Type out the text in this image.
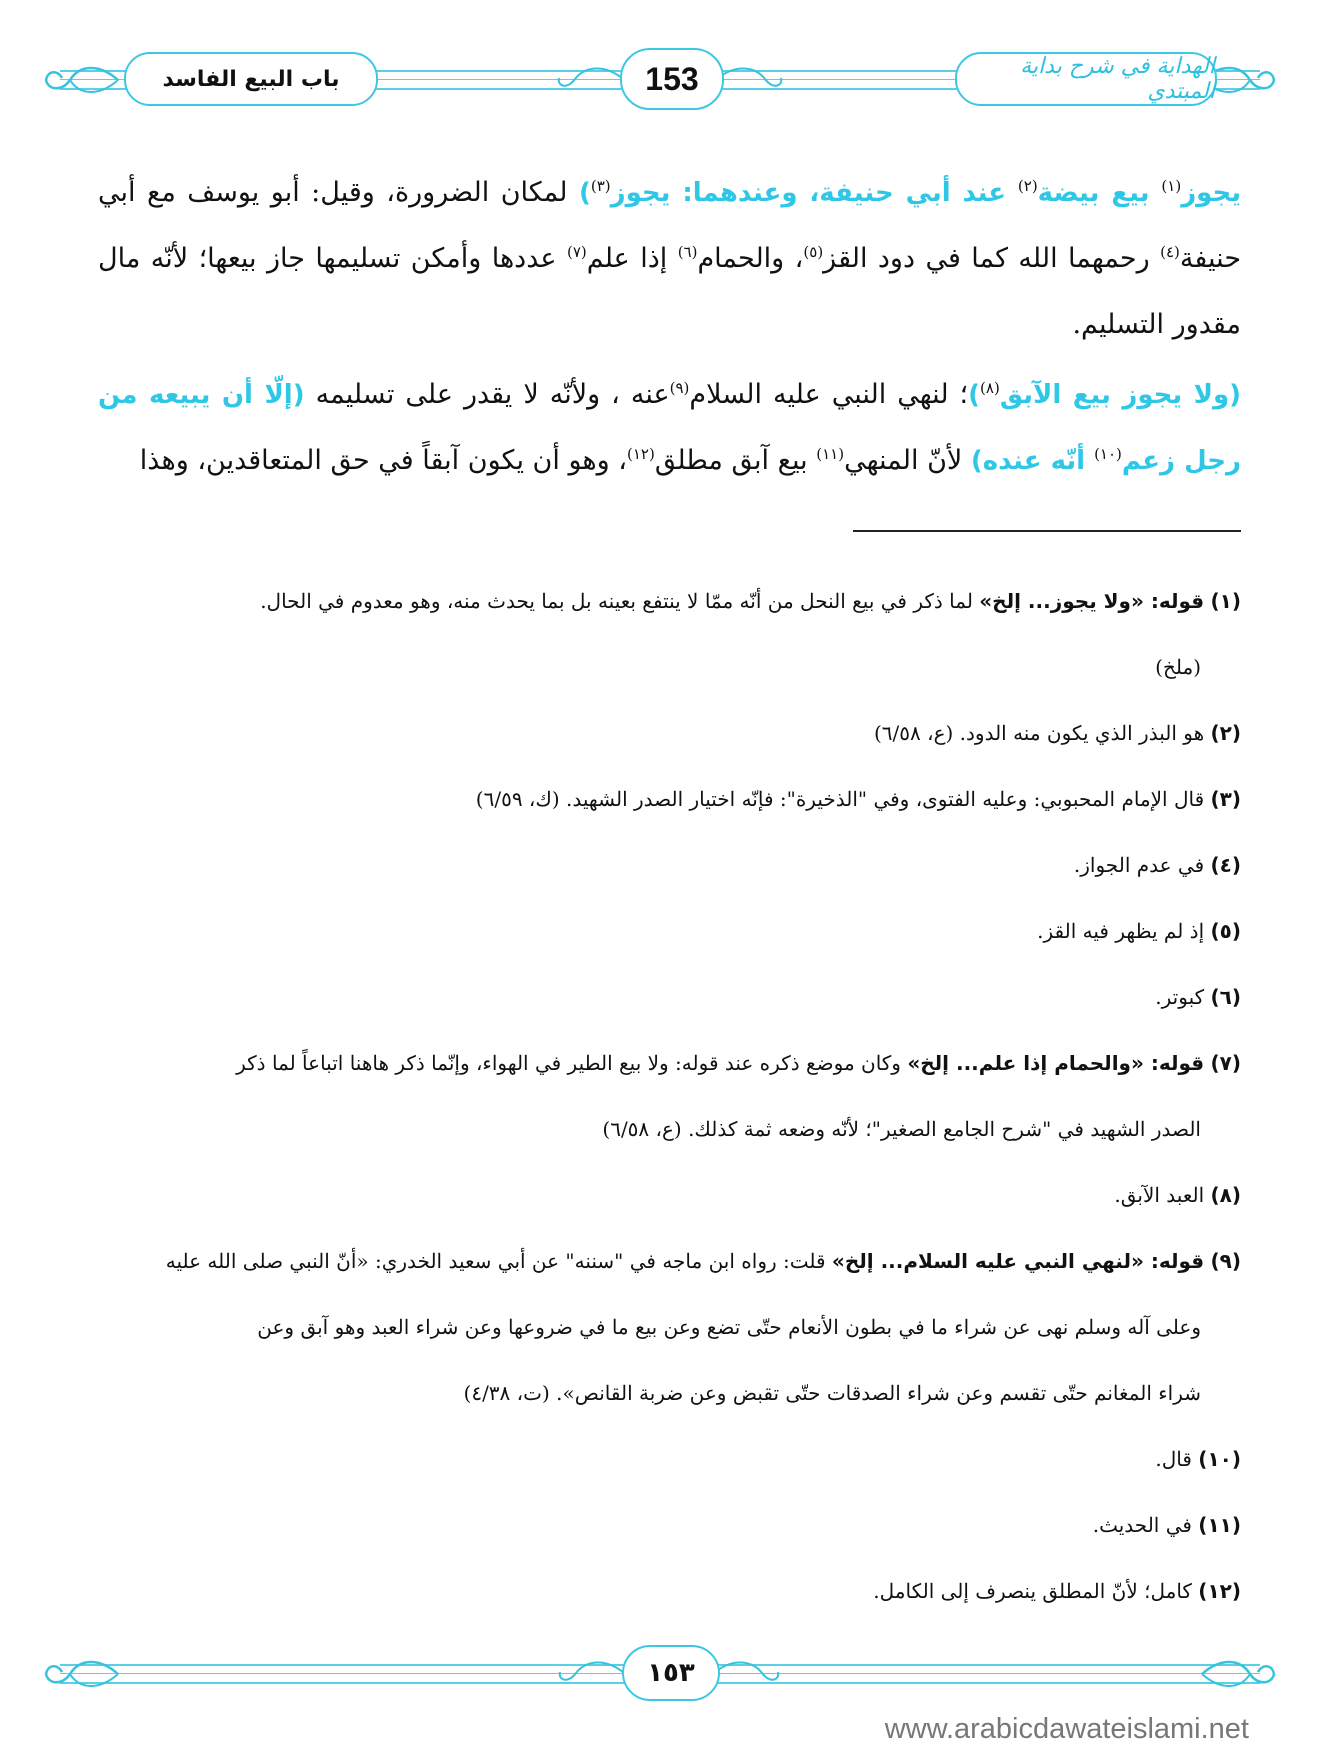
باب البيع الفاسد	153	الهداية في شرح بداية المبتدي

يجوز$^{(١)}$ بيع بيضة$^{(٢)}$ عند أبي حنيفة، وعندهما: يجوز$^{(٣)}$) لمكان الضرورة، وقيل: أبو يوسف مع أبي حنيفة$^{(٤)}$ رحمهما الله كما في دود القز$^{(٥)}$، والحمام$^{(٦)}$ إذا علم$^{(٧)}$ عددها وأمكن تسليمها جاز بيعها؛ لأنّه مال مقدور التسليم.

(ولا يجوز بيع الآبق$^{(٨)}$)؛ لنهي النبي عليه السلام$^{(٩)}$عنه ، ولأنّه لا يقدر على تسليمه (إلّا أن يبيعه من رجل زعم$^{(١٠)}$ أنّه عنده) لأنّ المنهي$^{(١١)}$ بيع آبق مطلق$^{(١٢)}$، وهو أن يكون آبقاً في حق المتعاقدين، وهذا

(١) قوله: «ولا يجوز... إلخ» لما ذكر في بيع النحل من أنّه ممّا لا ينتفع بعينه بل بما يحدث منه، وهو معدوم في الحال.
(ملخ)
(٢) هو البذر الذي يكون منه الدود. (ع، ٦/٥٨)
(٣) قال الإمام المحبوبي: وعليه الفتوى، وفي "الذخيرة": فإنّه اختيار الصدر الشهيد. (ك، ٦/٥٩)
(٤) في عدم الجواز.
(٥) إذ لم يظهر فيه القز.
(٦) كبوتر.
(٧) قوله: «والحمام إذا علم... إلخ» وكان موضع ذكره عند قوله: ولا بيع الطير في الهواء، وإنّما ذكر هاهنا اتباعاً لما ذكر
الصدر الشهيد في "شرح الجامع الصغير"؛ لأنّه وضعه ثمة كذلك. (ع، ٦/٥٨)
(٨) العبد الآبق.
(٩) قوله: «لنهي النبي عليه السلام... إلخ» قلت: رواه ابن ماجه في "سننه" عن أبي سعيد الخدري: «أنّ النبي صلى الله عليه
وعلى آله وسلم نهى عن شراء ما في بطون الأنعام حتّى تضع وعن بيع ما في ضروعها وعن شراء العبد وهو آبق وعن
شراء المغانم حتّى تقسم وعن شراء الصدقات حتّى تقبض وعن ضربة القانص». (ت، ٤/٣٨)
(١٠) قال.
(١١) في الحديث.
(١٢) كامل؛ لأنّ المطلق ينصرف إلى الكامل.
١٥٣
www.arabicdawateislami.net
